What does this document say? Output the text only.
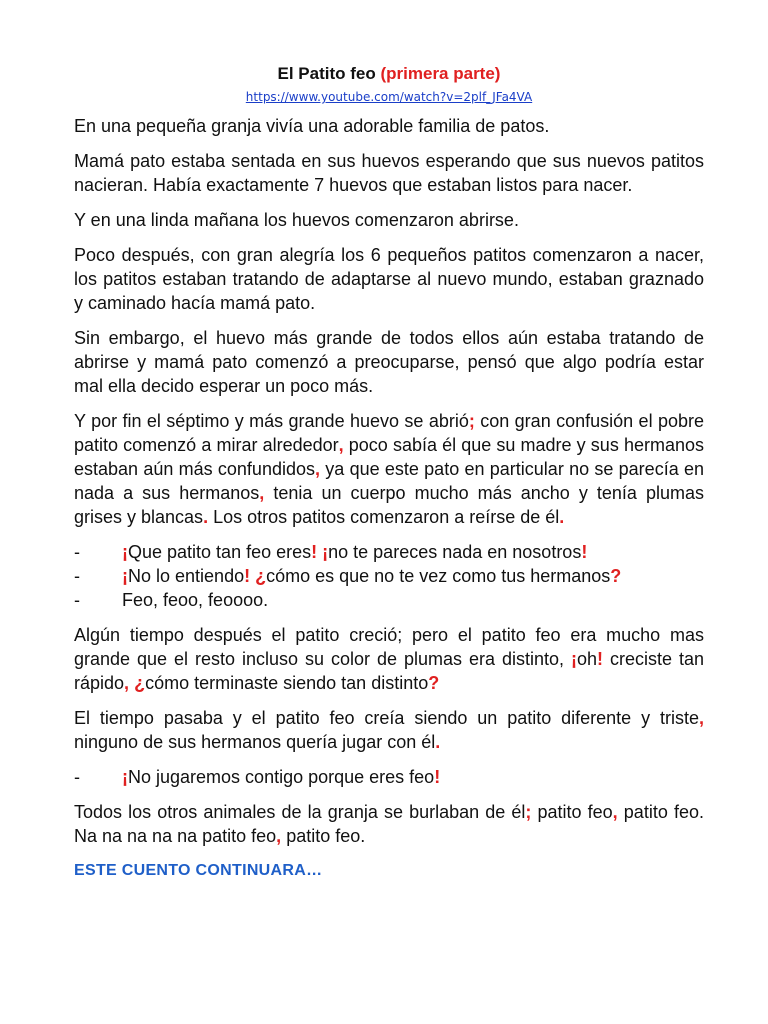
El Patito feo (primera parte)
https://www.youtube.com/watch?v=2plf_JFa4VA

En una pequeña granja vivía una adorable familia de patos.

Mamá pato estaba sentada en sus huevos esperando que sus nuevos patitos nacieran. Había exactamente 7 huevos que estaban listos para nacer.

Y en una linda mañana los huevos comenzaron abrirse.

Poco después, con gran alegría los 6 pequeños patitos comenzaron a nacer, los patitos estaban tratando de adaptarse al nuevo mundo, estaban graznado y caminado hacía mamá pato.

Sin embargo, el huevo más grande de todos ellos aún estaba tratando de abrirse y mamá pato comenzó a preocuparse, pensó que algo podría estar mal ella decido esperar un poco más.

Y por fin el séptimo y más grande huevo se abrió; con gran confusión el pobre patito comenzó a mirar alrededor, poco sabía él que su madre y sus hermanos estaban aún más confundidos, ya que este pato en particular no se parecía en nada a sus hermanos, tenia un cuerpo mucho más ancho y tenía plumas grises y blancas. Los otros patitos comenzaron a reírse de él.

-	¡Que patito tan feo eres! ¡no te pareces nada en nosotros!
-	¡No lo entiendo! ¿cómo es que no te vez como tus hermanos?
-	Feo, feoo, feoooo.

Algún tiempo después el patito creció; pero el patito feo era mucho mas grande que el resto incluso su color de plumas era distinto, ¡oh! creciste tan rápido, ¿cómo terminaste siendo tan distinto?

El tiempo pasaba y el patito feo creía siendo un patito diferente y triste, ninguno de sus hermanos quería jugar con él.

-	¡No jugaremos contigo porque eres feo!

Todos los otros animales de la granja se burlaban de él; patito feo, patito feo. Na na na na na patito feo, patito feo.

ESTE CUENTO CONTINUARA…
